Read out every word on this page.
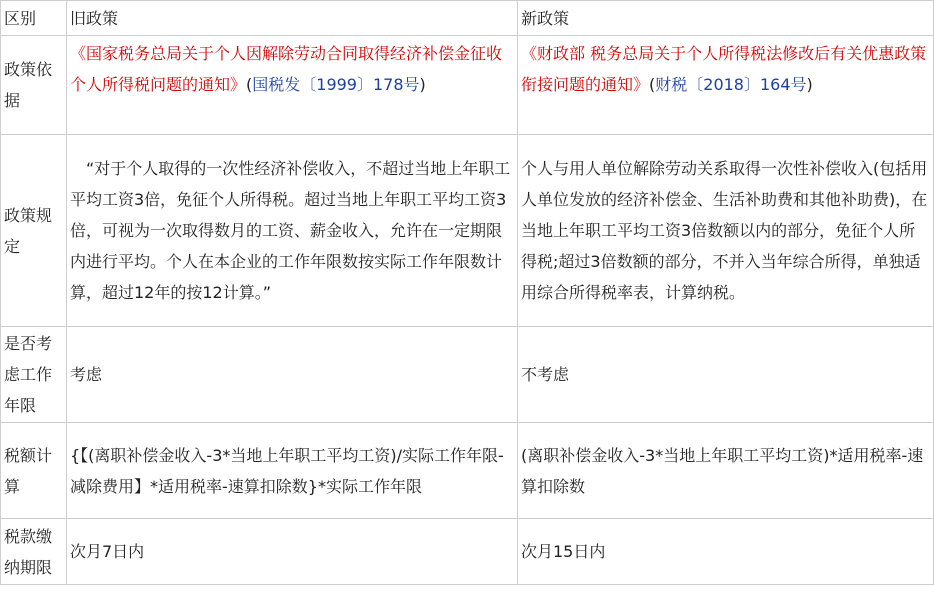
区别	旧政策	新政策
政策依据	《国家税务总局关于个人因解除劳动合同取得经济补偿金征收个人所得税问题的通知》(国税发〔1999〕178号)	《财政部 税务总局关于个人所得税法修改后有关优惠政策衔接问题的通知》(财税〔2018〕164号)
政策规定	“对于个人取得的一次性经济补偿收入，不超过当地上年职工平均工资3倍，免征个人所得税。超过当地上年职工平均工资3倍，可视为一次取得数月的工资、薪金收入，允许在一定期限内进行平均。个人在本企业的工作年限数按实际工作年限数计算，超过12年的按12计算。”	个人与用人单位解除劳动关系取得一次性补偿收入(包括用人单位发放的经济补偿金、生活补助费和其他补助费)，在当地上年职工平均工资3倍数额以内的部分，免征个人所得税;超过3倍数额的部分，不并入当年综合所得，单独适用综合所得税率表，计算纳税。
是否考虑工作年限	考虑	不考虑
税额计算	{【(离职补偿金收入-3*当地上年职工平均工资)/实际工作年限-减除费用】*适用税率-速算扣除数}*实际工作年限	(离职补偿金收入-3*当地上年职工平均工资)*适用税率-速算扣除数
税款缴纳期限	次月7日内	次月15日内
